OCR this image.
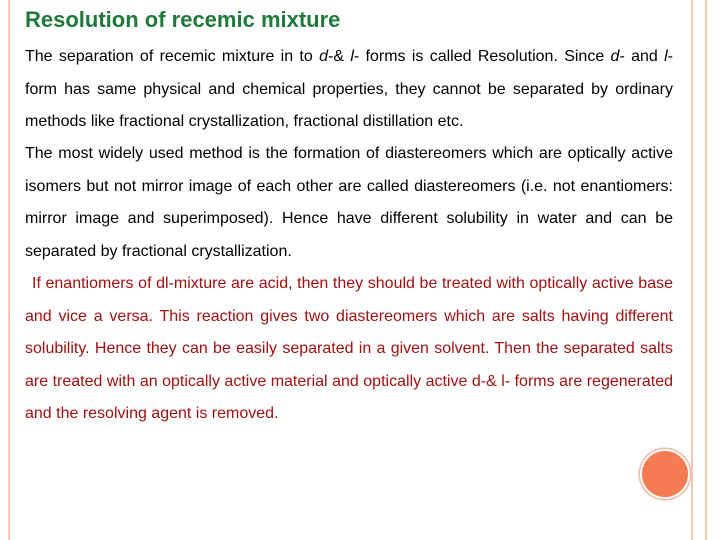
Resolution of recemic mixture

The separation of recemic mixture in to d-& l- forms is called Resolution. Since d- and l-form has same physical and chemical properties, they cannot be separated by ordinary methods like fractional crystallization, fractional distillation etc.

The most widely used method is the formation of diastereomers which are optically active isomers but not mirror image of each other are called diastereomers (i.e. not enantiomers: mirror image and superimposed). Hence have different solubility in water and can be separated by fractional crystallization.

If enantiomers of dl-mixture are acid, then they should be treated with optically active base and vice a versa. This reaction gives two diastereomers which are salts having different solubility. Hence they can be easily separated in a given solvent. Then the separated salts are treated with an optically active material and optically active d-& l- forms are regenerated and the resolving agent is removed.
